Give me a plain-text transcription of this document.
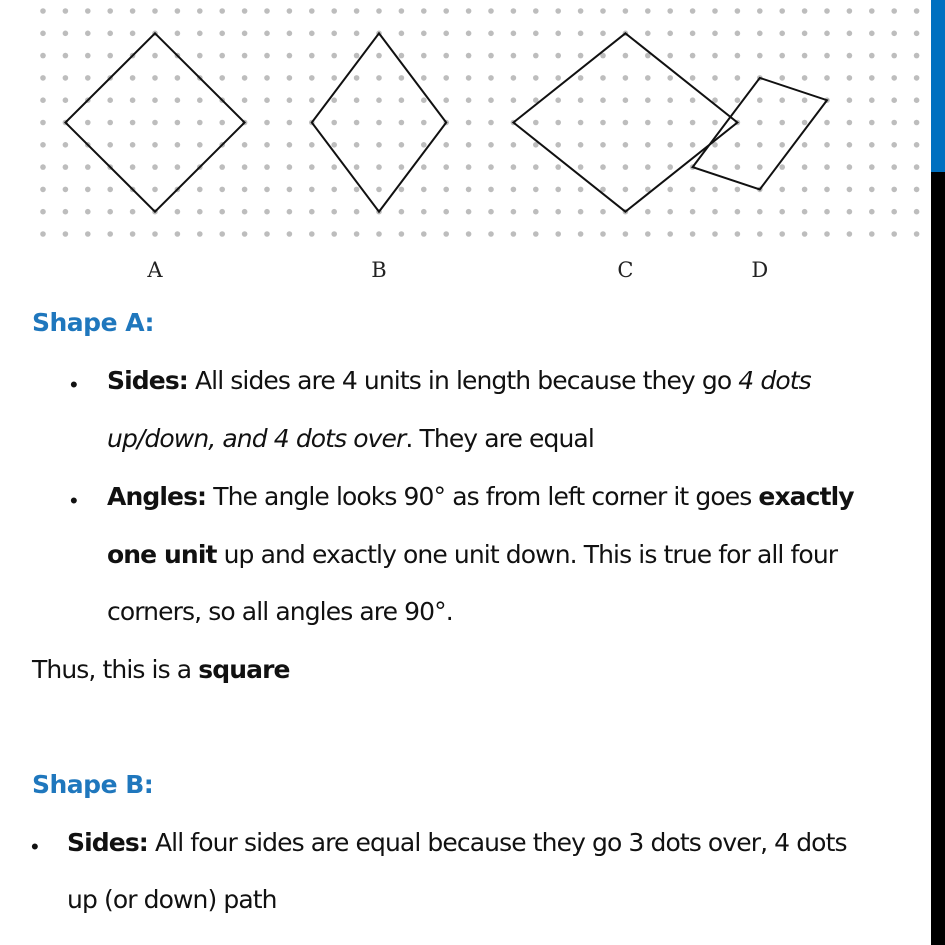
A	B	C	D
Shape A:
• Sides: All sides are 4 units in length because they go 4 dots
up/down, and 4 dots over. They are equal
• Angles: The angle looks 90° as from left corner it goes exactly
one unit up and exactly one unit down. This is true for all four
corners, so all angles are 90°.
Thus, this is a square
Shape B:
• Sides: All four sides are equal because they go 3 dots over, 4 dots
up (or down) path
